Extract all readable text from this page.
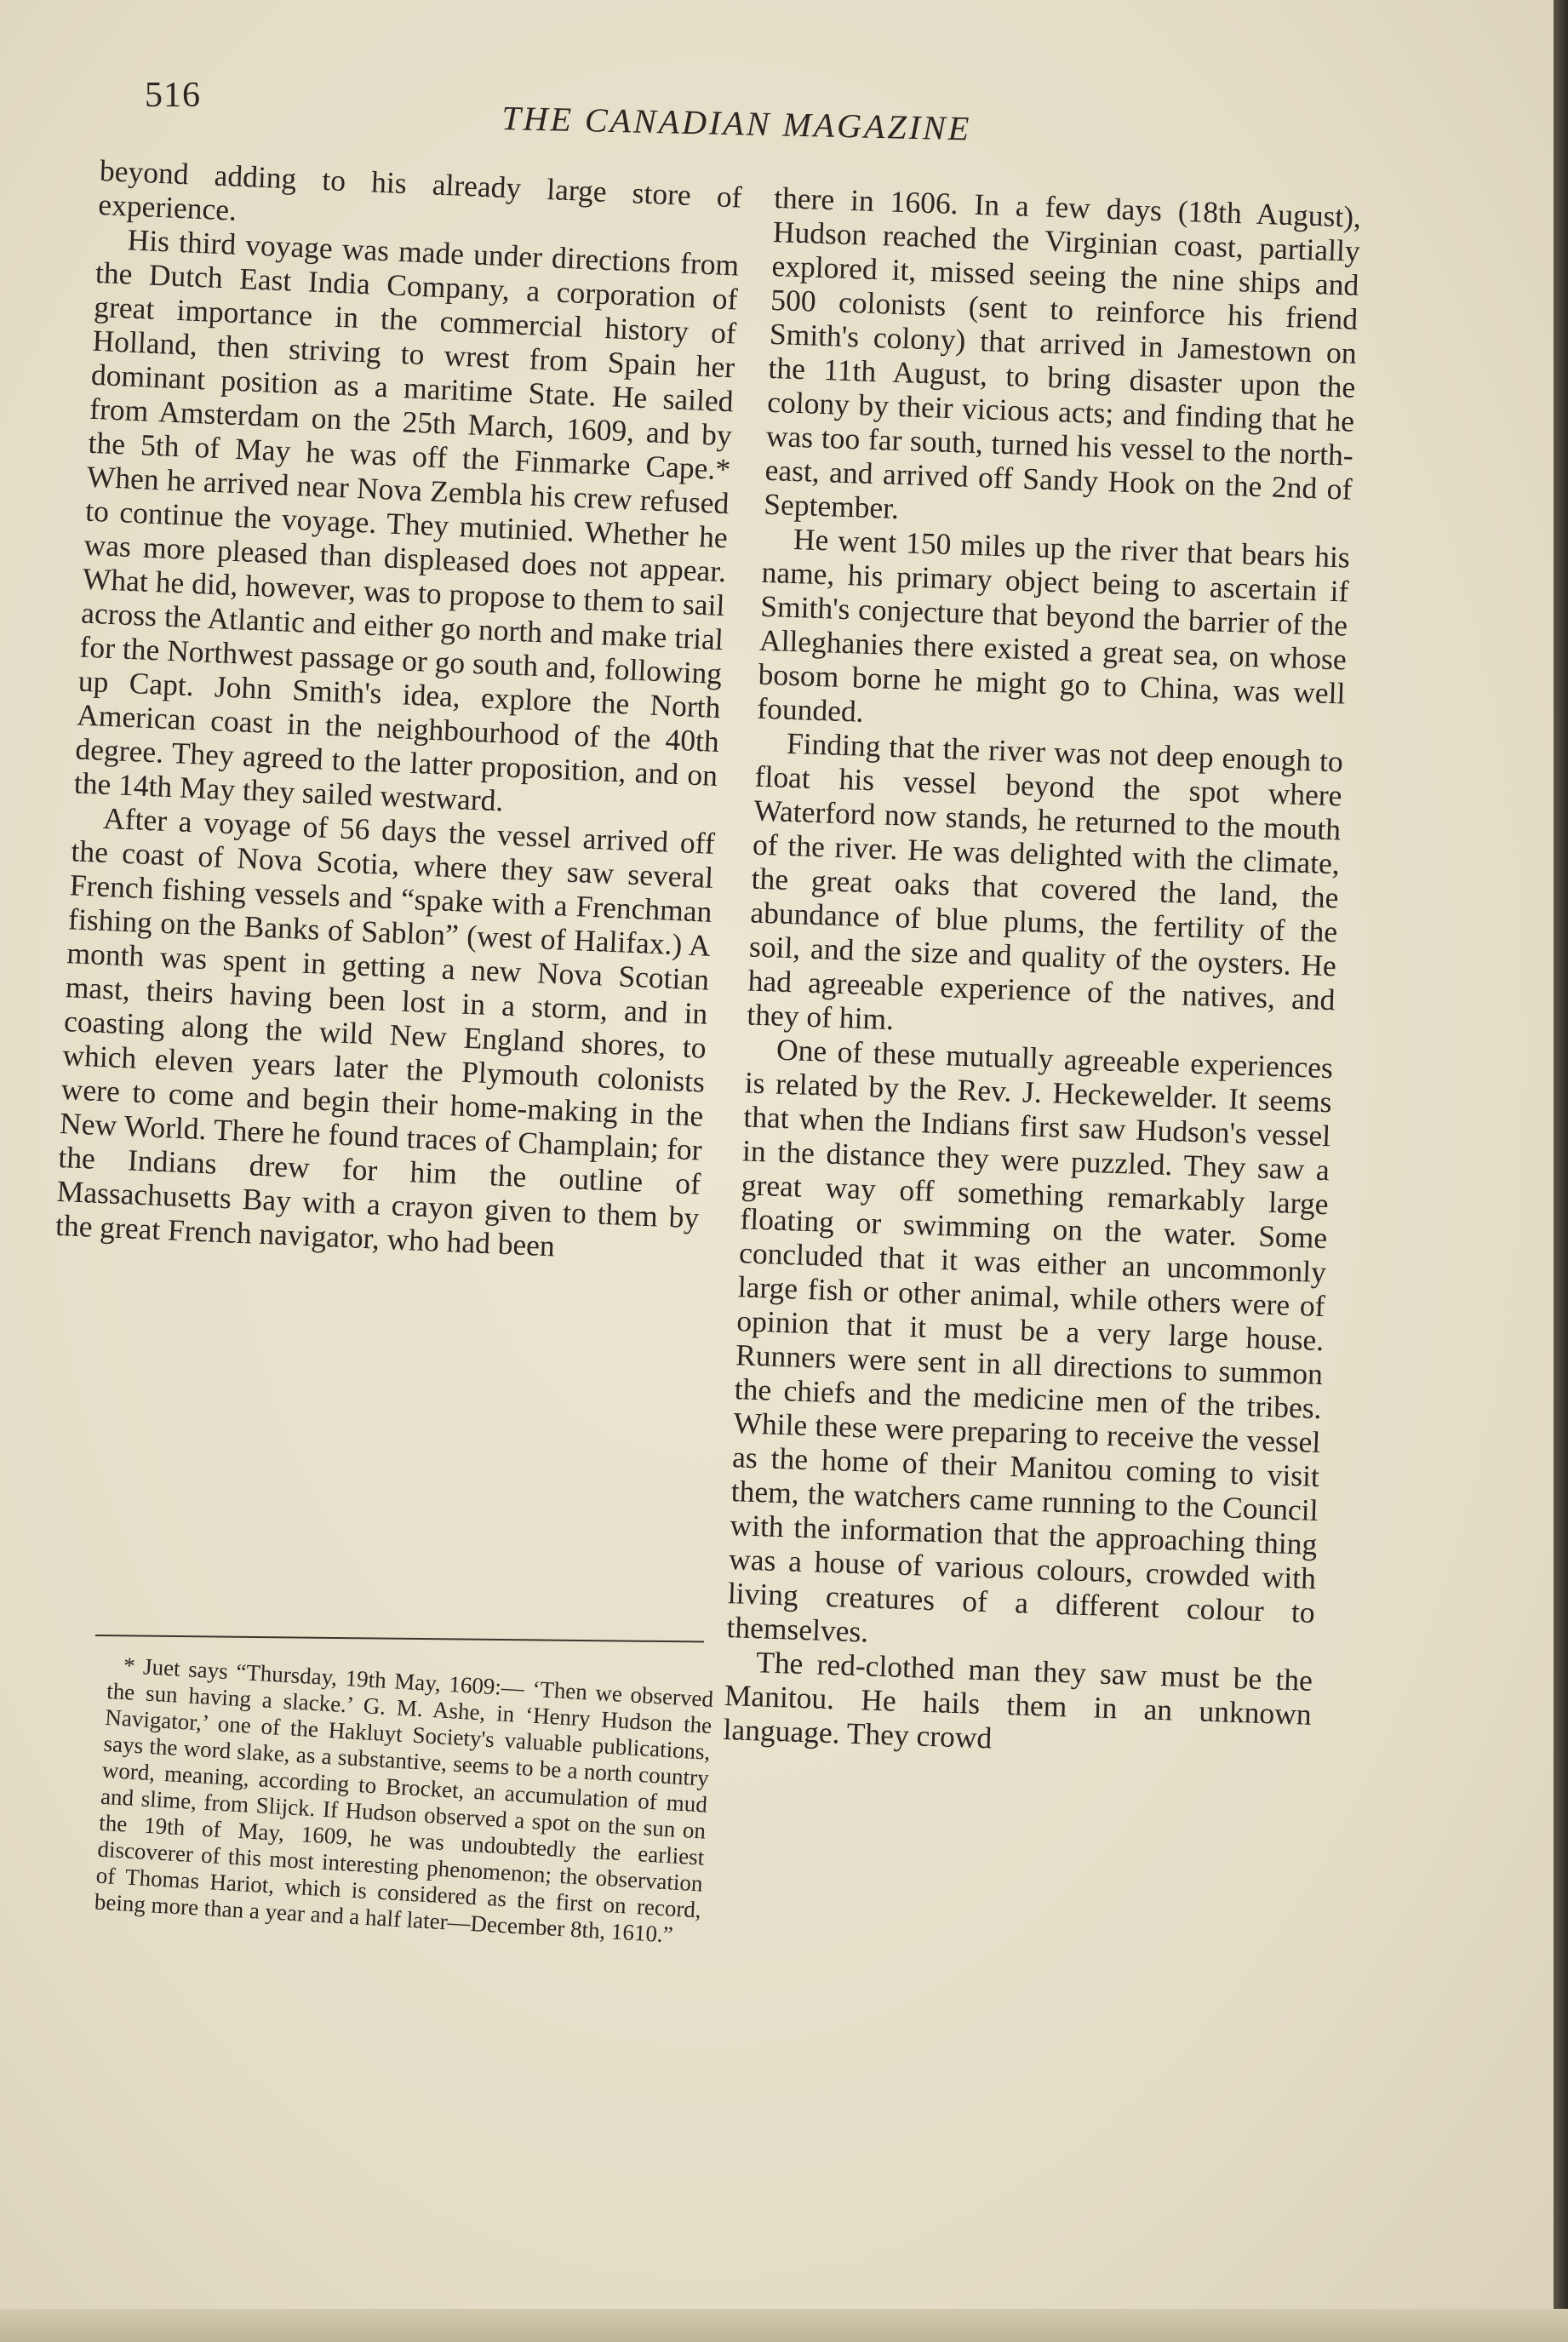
516
THE CANADIAN MAGAZINE

beyond adding to his already large store of experience.

His third voyage was made under directions from the Dutch East India Company, a corporation of great importance in the commercial history of Holland, then striving to wrest from Spain her dominant position as a maritime State. He sailed from Amsterdam on the 25th March, 1609, and by the 5th of May he was off the Finmarke Cape.* When he arrived near Nova Zembla his crew refused to continue the voyage. They mutinied. Whether he was more pleased than displeased does not appear. What he did, however, was to propose to them to sail across the Atlantic and either go north and make trial for the Northwest passage or go south and, following up Capt. John Smith's idea, explore the North American coast in the neighbourhood of the 40th degree. They agreed to the latter proposition, and on the 14th May they sailed westward.

After a voyage of 56 days the vessel arrived off the coast of Nova Scotia, where they saw several French fishing vessels and “spake with a Frenchman fishing on the Banks of Sablon” (west of Halifax.) A month was spent in getting a new Nova Scotian mast, theirs having been lost in a storm, and in coasting along the wild New England shores, to which eleven years later the Plymouth colonists were to come and begin their home-making in the New World. There he found traces of Champlain; for the Indians drew for him the outline of Massachusetts Bay with a crayon given to them by the great French navigator, who had been

* Juet says “Thursday, 19th May, 1609:— ‘Then we observed the sun having a slacke.’ G. M. Ashe, in ‘Henry Hudson the Navigator,’ one of the Hakluyt Society's valuable publications, says the word slake, as a substantive, seems to be a north country word, meaning, according to Brocket, an accumulation of mud and slime, from Slijck. If Hudson observed a spot on the sun on the 19th of May, 1609, he was undoubtedly the earliest discoverer of this most interesting phenomenon; the observation of Thomas Hariot, which is considered as the first on record, being more than a year and a half later—December 8th, 1610.”

there in 1606. In a few days (18th August), Hudson reached the Virginian coast, partially explored it, missed seeing the nine ships and 500 colonists (sent to reinforce his friend Smith's colony) that arrived in Jamestown on the 11th August, to bring disaster upon the colony by their vicious acts; and finding that he was too far south, turned his vessel to the north-east, and arrived off Sandy Hook on the 2nd of September.

He went 150 miles up the river that bears his name, his primary object being to ascertain if Smith's conjecture that beyond the barrier of the Alleghanies there existed a great sea, on whose bosom borne he might go to China, was well founded.

Finding that the river was not deep enough to float his vessel beyond the spot where Waterford now stands, he returned to the mouth of the river. He was delighted with the climate, the great oaks that covered the land, the abundance of blue plums, the fertility of the soil, and the size and quality of the oysters. He had agreeable experience of the natives, and they of him.

One of these mutually agreeable experiences is related by the Rev. J. Heckewelder. It seems that when the Indians first saw Hudson's vessel in the distance they were puzzled. They saw a great way off something remarkably large floating or swimming on the water. Some concluded that it was either an uncommonly large fish or other animal, while others were of opinion that it must be a very large house. Runners were sent in all directions to summon the chiefs and the medicine men of the tribes. While these were preparing to receive the vessel as the home of their Manitou coming to visit them, the watchers came running to the Council with the information that the approaching thing was a house of various colours, crowded with living creatures of a different colour to themselves.

The red-clothed man they saw must be the Manitou. He hails them in an unknown language. They crowd
